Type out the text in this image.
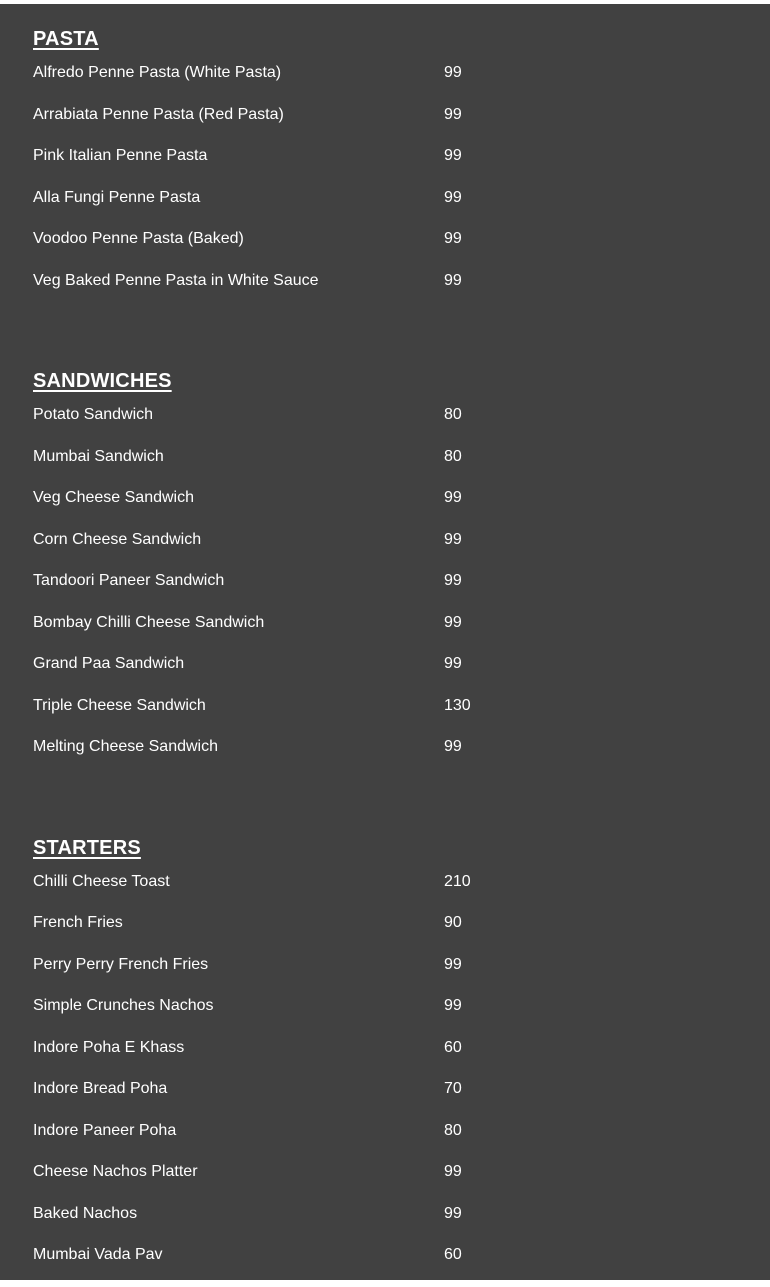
PASTA
Alfredo Penne Pasta (White Pasta)	99
Arrabiata Penne Pasta (Red Pasta)	99
Pink Italian Penne Pasta	99
Alla Fungi Penne Pasta	99
Voodoo Penne Pasta (Baked)	99
Veg Baked Penne Pasta in White Sauce	99
SANDWICHES
Potato Sandwich	80
Mumbai Sandwich	80
Veg Cheese Sandwich	99
Corn Cheese Sandwich	99
Tandoori Paneer Sandwich	99
Bombay Chilli Cheese Sandwich	99
Grand Paa Sandwich	99
Triple Cheese Sandwich	130
Melting Cheese Sandwich	99
STARTERS
Chilli Cheese Toast	210
French Fries	90
Perry Perry French Fries	99
Simple Crunches Nachos	99
Indore Poha E Khass	60
Indore Bread Poha	70
Indore Paneer Poha	80
Cheese Nachos Platter	99
Baked Nachos	99
Mumbai Vada Pav	60
